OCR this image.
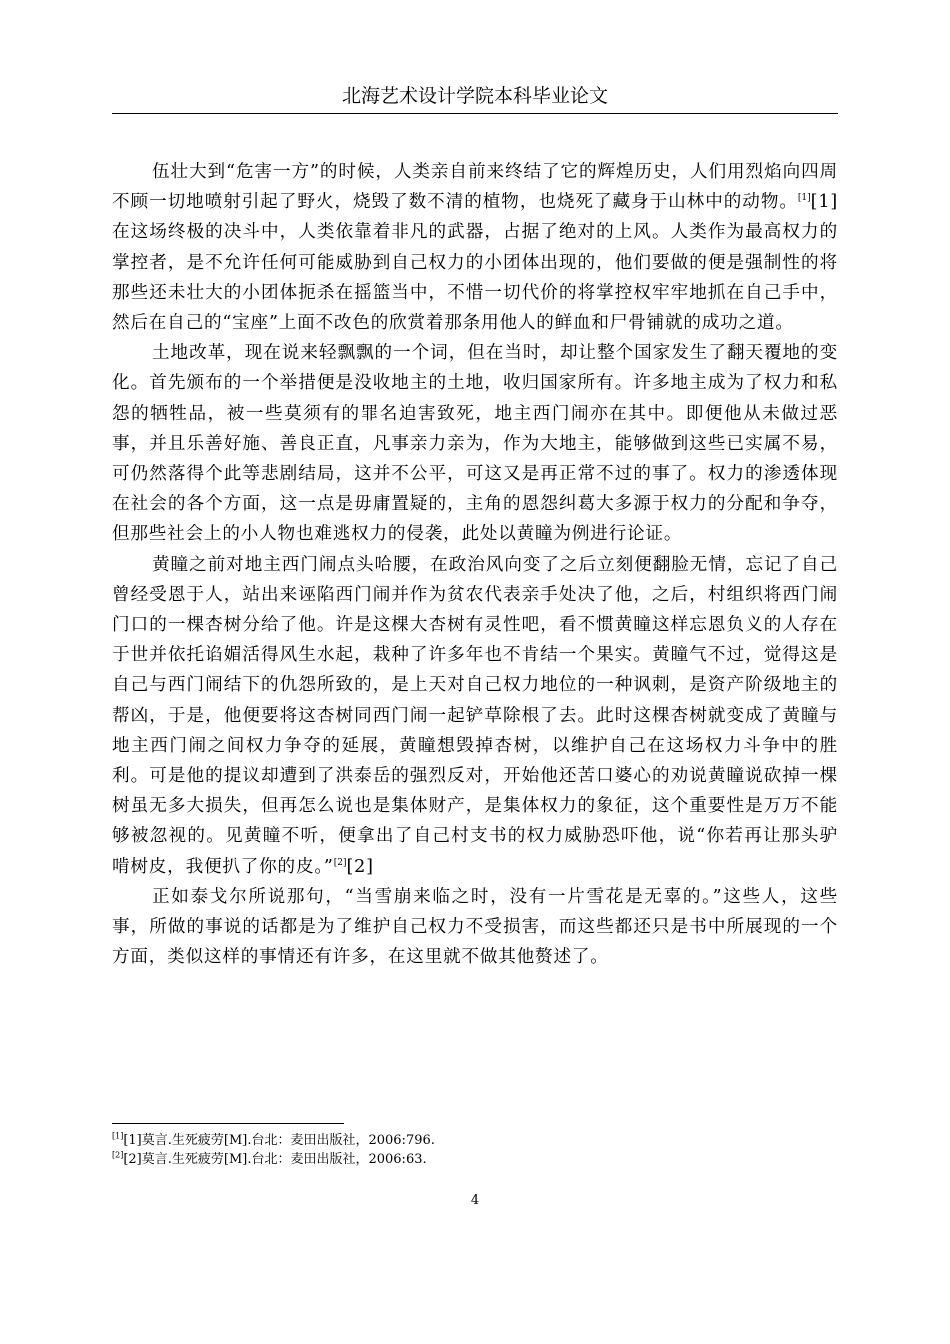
北海艺术设计学院本科毕业论文

伍壮大到“危害一方”的时候，人类亲自前来终结了它的辉煌历史，人们用烈焰向四周不顾一切地喷射引起了野火，烧毁了数不清的植物，也烧死了藏身于山林中的动物。[1][1]在这场终极的决斗中，人类依靠着非凡的武器，占据了绝对的上风。人类作为最高权力的掌控者，是不允许任何可能威胁到自己权力的小团体出现的，他们要做的便是强制性的将那些还未壮大的小团体扼杀在摇篮当中，不惜一切代价的将掌控权牢牢地抓在自己手中，然后在自己的“宝座”上面不改色的欣赏着那条用他人的鲜血和尸骨铺就的成功之道。

土地改革，现在说来轻飘飘的一个词，但在当时，却让整个国家发生了翻天覆地的变化。首先颁布的一个举措便是没收地主的土地，收归国家所有。许多地主成为了权力和私怨的牺牲品，被一些莫须有的罪名迫害致死，地主西门闹亦在其中。即便他从未做过恶事，并且乐善好施、善良正直，凡事亲力亲为，作为大地主，能够做到这些已实属不易，可仍然落得个此等悲剧结局，这并不公平，可这又是再正常不过的事了。权力的渗透体现在社会的各个方面，这一点是毋庸置疑的，主角的恩怨纠葛大多源于权力的分配和争夺，但那些社会上的小人物也难逃权力的侵袭，此处以黄瞳为例进行论证。

黄瞳之前对地主西门闹点头哈腰，在政治风向变了之后立刻便翻脸无情，忘记了自己曾经受恩于人，站出来诬陷西门闹并作为贫农代表亲手处决了他，之后，村组织将西门闹门口的一棵杏树分给了他。许是这棵大杏树有灵性吧，看不惯黄瞳这样忘恩负义的人存在于世并依托谄媚活得风生水起，栽种了许多年也不肯结一个果实。黄瞳气不过，觉得这是自己与西门闹结下的仇怨所致的，是上天对自己权力地位的一种讽刺，是资产阶级地主的帮凶，于是，他便要将这杏树同西门闹一起铲草除根了去。此时这棵杏树就变成了黄瞳与地主西门闹之间权力争夺的延展，黄瞳想毁掉杏树，以维护自己在这场权力斗争中的胜利。可是他的提议却遭到了洪泰岳的强烈反对，开始他还苦口婆心的劝说黄瞳说砍掉一棵树虽无多大损失，但再怎么说也是集体财产，是集体权力的象征，这个重要性是万万不能够被忽视的。见黄瞳不听，便拿出了自己村支书的权力威胁恐吓他，说“你若再让那头驴啃树皮，我便扒了你的皮。”[2][2]

正如泰戈尔所说那句，“当雪崩来临之时，没有一片雪花是无辜的。”这些人，这些事，所做的事说的话都是为了维护自己权力不受损害，而这些都还只是书中所展现的一个方面，类似这样的事情还有许多，在这里就不做其他赘述了。

[1][1]莫言.生死疲劳[M].台北：麦田出版社，2006:796.
[2][2]莫言.生死疲劳[M].台北：麦田出版社，2006:63.
4
